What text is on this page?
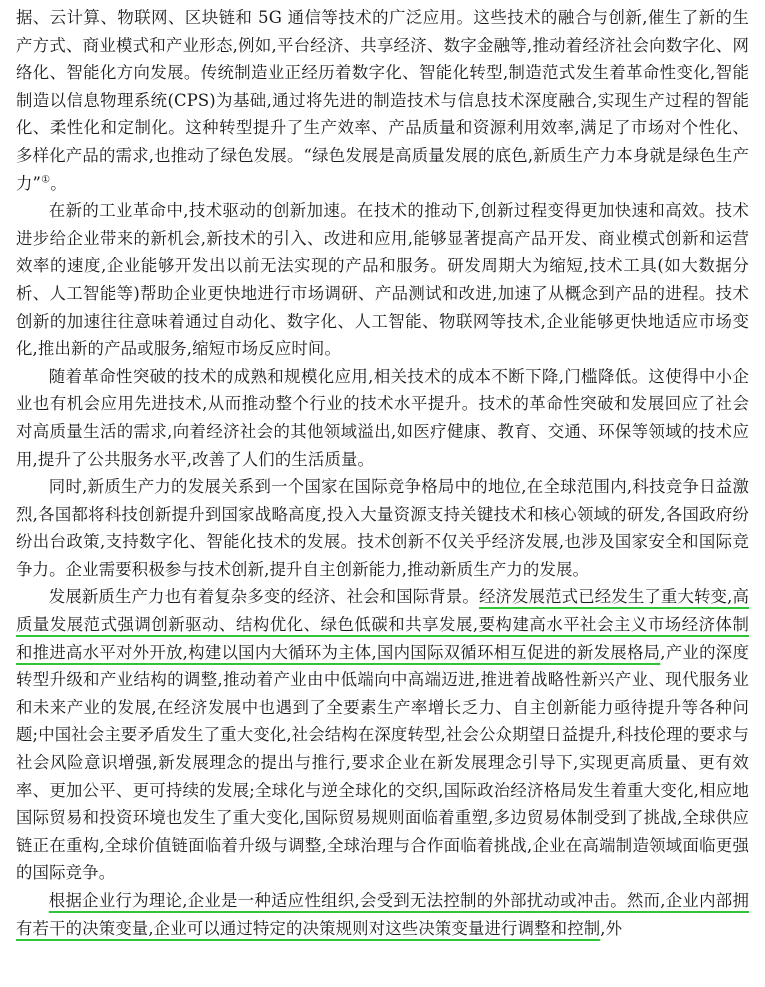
据、云计算、物联网、区块链和 5G 通信等技术的广泛应用。这些技术的融合与创新,催生了新的生产方式、商业模式和产业形态,例如,平台经济、共享经济、数字金融等,推动着经济社会向数字化、网络化、智能化方向发展。传统制造业正经历着数字化、智能化转型,制造范式发生着革命性变化,智能制造以信息物理系统(CPS)为基础,通过将先进的制造技术与信息技术深度融合,实现生产过程的智能化、柔性化和定制化。这种转型提升了生产效率、产品质量和资源利用效率,满足了市场对个性化、多样化产品的需求,也推动了绿色发展。“绿色发展是高质量发展的底色,新质生产力本身就是绿色生产力”①。

在新的工业革命中,技术驱动的创新加速。在技术的推动下,创新过程变得更加快速和高效。技术进步给企业带来的新机会,新技术的引入、改进和应用,能够显著提高产品开发、商业模式创新和运营效率的速度,企业能够开发出以前无法实现的产品和服务。研发周期大为缩短,技术工具(如大数据分析、人工智能等)帮助企业更快地进行市场调研、产品测试和改进,加速了从概念到产品的进程。技术创新的加速往往意味着通过自动化、数字化、人工智能、物联网等技术,企业能够更快地适应市场变化,推出新的产品或服务,缩短市场反应时间。

随着革命性突破的技术的成熟和规模化应用,相关技术的成本不断下降,门槛降低。这使得中小企业也有机会应用先进技术,从而推动整个行业的技术水平提升。技术的革命性突破和发展回应了社会对高质量生活的需求,向着经济社会的其他领域溢出,如医疗健康、教育、交通、环保等领域的技术应用,提升了公共服务水平,改善了人们的生活质量。

同时,新质生产力的发展关系到一个国家在国际竞争格局中的地位,在全球范围内,科技竞争日益激烈,各国都将科技创新提升到国家战略高度,投入大量资源支持关键技术和核心领域的研发,各国政府纷纷出台政策,支持数字化、智能化技术的发展。技术创新不仅关乎经济发展,也涉及国家安全和国际竞争力。企业需要积极参与技术创新,提升自主创新能力,推动新质生产力的发展。

发展新质生产力也有着复杂多变的经济、社会和国际背景。经济发展范式已经发生了重大转变,高质量发展范式强调创新驱动、结构优化、绿色低碳和共享发展,要构建高水平社会主义市场经济体制和推进高水平对外开放,构建以国内大循环为主体,国内国际双循环相互促进的新发展格局,产业的深度转型升级和产业结构的调整,推动着产业由中低端向中高端迈进,推进着战略性新兴产业、现代服务业和未来产业的发展,在经济发展中也遇到了全要素生产率增长乏力、自主创新能力亟待提升等各种问题;中国社会主要矛盾发生了重大变化,社会结构在深度转型,社会公众期望日益提升,科技伦理的要求与社会风险意识增强,新发展理念的提出与推行,要求企业在新发展理念引导下,实现更高质量、更有效率、更加公平、更可持续的发展;全球化与逆全球化的交织,国际政治经济格局发生着重大变化,相应地国际贸易和投资环境也发生了重大变化,国际贸易规则面临着重塑,多边贸易体制受到了挑战,全球供应链正在重构,全球价值链面临着升级与调整,全球治理与合作面临着挑战,企业在高端制造领域面临更强的国际竞争。

根据企业行为理论,企业是一种适应性组织,会受到无法控制的外部扰动或冲击。然而,企业内部拥有若干的决策变量,企业可以通过特定的决策规则对这些决策变量进行调整和控制,外
